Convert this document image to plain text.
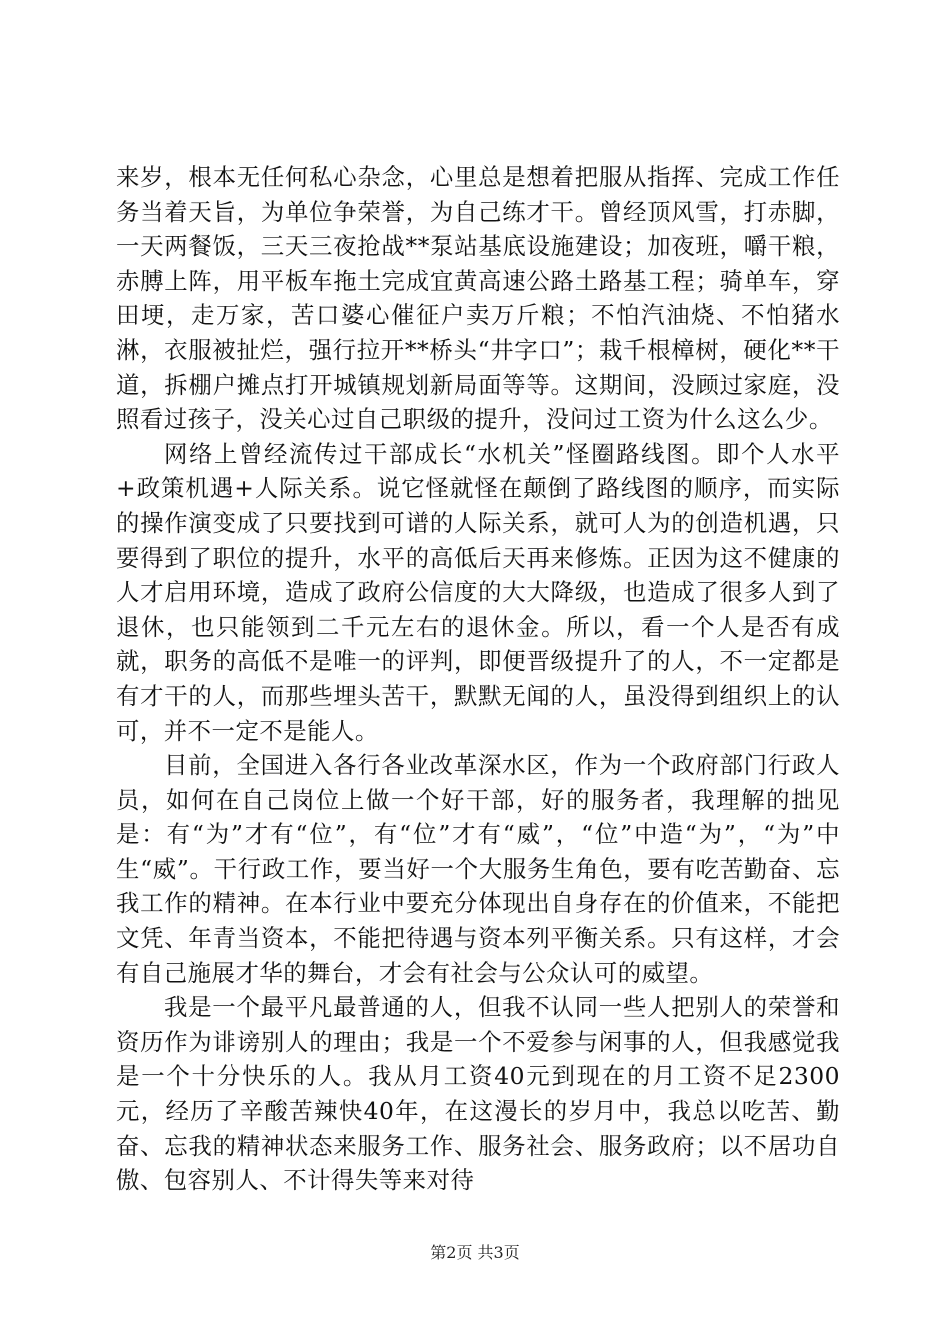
来岁，根本无任何私心杂念，心里总是想着把服从指挥、完成工作任务当着天旨，为单位争荣誉，为自己练才干。曾经顶风雪，打赤脚，一天两餐饭，三天三夜抢战**泵站基底设施建设；加夜班，嚼干粮，赤膊上阵，用平板车拖土完成宜黄高速公路土路基工程；骑单车，穿田埂，走万家，苦口婆心催征户卖万斤粮；不怕汽油烧、不怕猪水淋，衣服被扯烂，强行拉开**桥头“井字口”；栽千根樟树，硬化**干道，拆棚户摊点打开城镇规划新局面等等。这期间，没顾过家庭，没照看过孩子，没关心过自己职级的提升，没问过工资为什么这么少。

网络上曾经流传过干部成长“水机关”怪圈路线图。即个人水平+政策机遇+人际关系。说它怪就怪在颠倒了路线图的顺序，而实际的操作演变成了只要找到可谱的人际关系，就可人为的创造机遇，只要得到了职位的提升，水平的高低后天再来修炼。正因为这不健康的人才启用环境，造成了政府公信度的大大降级，也造成了很多人到了退休，也只能领到二千元左右的退休金。所以，看一个人是否有成就，职务的高低不是唯一的评判，即便晋级提升了的人，不一定都是有才干的人，而那些埋头苦干，默默无闻的人，虽没得到组织上的认可，并不一定不是能人。

目前，全国进入各行各业改革深水区，作为一个政府部门行政人员，如何在自己岗位上做一个好干部，好的服务者，我理解的拙见是：有“为”才有“位”，有“位”才有“威”，“位”中造“为”，“为”中生“威”。干行政工作，要当好一个大服务生角色，要有吃苦勤奋、忘我工作的精神。在本行业中要充分体现出自身存在的价值来，不能把文凭、年青当资本，不能把待遇与资本列平衡关系。只有这样，才会有自己施展才华的舞台，才会有社会与公众认可的威望。

我是一个最平凡最普通的人，但我不认同一些人把别人的荣誉和资历作为诽谤别人的理由；我是一个不爱参与闲事的人，但我感觉我是一个十分快乐的人。我从月工资40元到现在的月工资不足2300元，经历了辛酸苦辣快40年，在这漫长的岁月中，我总以吃苦、勤奋、忘我的精神状态来服务工作、服务社会、服务政府；以不居功自傲、包容别人、不计得失等来对待

第2页 共3页
